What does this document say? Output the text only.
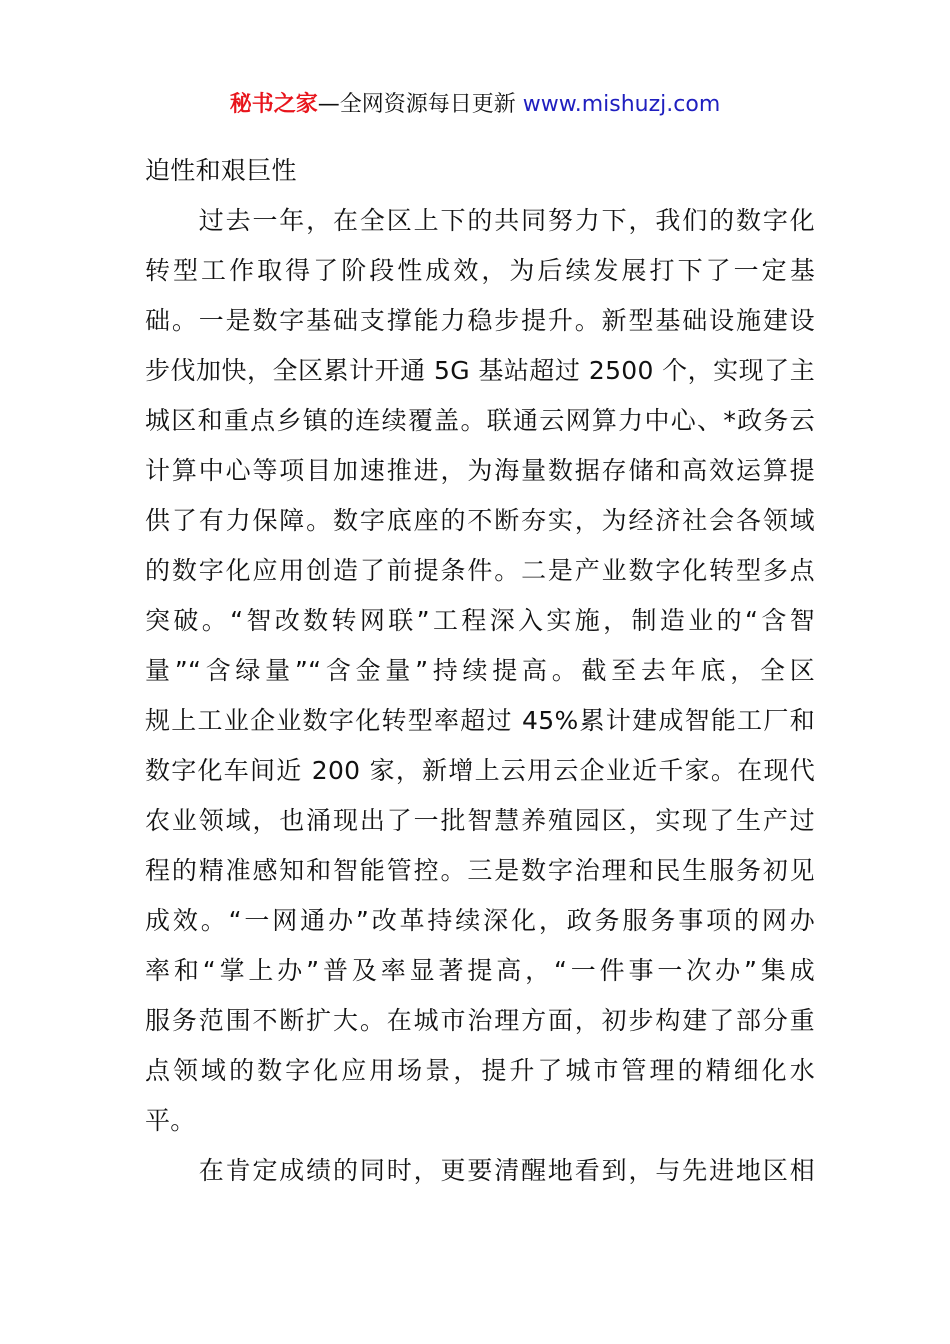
秘书之家—全网资源每日更新 www.mishuzj.com
迫性和艰巨性
　　过去一年，在全区上下的共同努力下，我们的数字化
转型工作取得了阶段性成效，为后续发展打下了一定基
础。一是数字基础支撑能力稳步提升。新型基础设施建设
步伐加快，全区累计开通 5G 基站超过 2500 个，实现了主
城区和重点乡镇的连续覆盖。联通云网算力中心、*政务云
计算中心等项目加速推进，为海量数据存储和高效运算提
供了有力保障。数字底座的不断夯实，为经济社会各领域
的数字化应用创造了前提条件。二是产业数字化转型多点
突破。“智改数转网联”工程深入实施，制造业的“含智
量”“含绿量”“含金量”持续提高。截至去年底，全区
规上工业企业数字化转型率超过 45%累计建成智能工厂和
数字化车间近 200 家，新增上云用云企业近千家。在现代
农业领域，也涌现出了一批智慧养殖园区，实现了生产过
程的精准感知和智能管控。三是数字治理和民生服务初见
成效。“一网通办”改革持续深化，政务服务事项的网办
率和“掌上办”普及率显著提高，“一件事一次办”集成
服务范围不断扩大。在城市治理方面，初步构建了部分重
点领域的数字化应用场景，提升了城市管理的精细化水
平。
　　在肯定成绩的同时，更要清醒地看到，与先进地区相
